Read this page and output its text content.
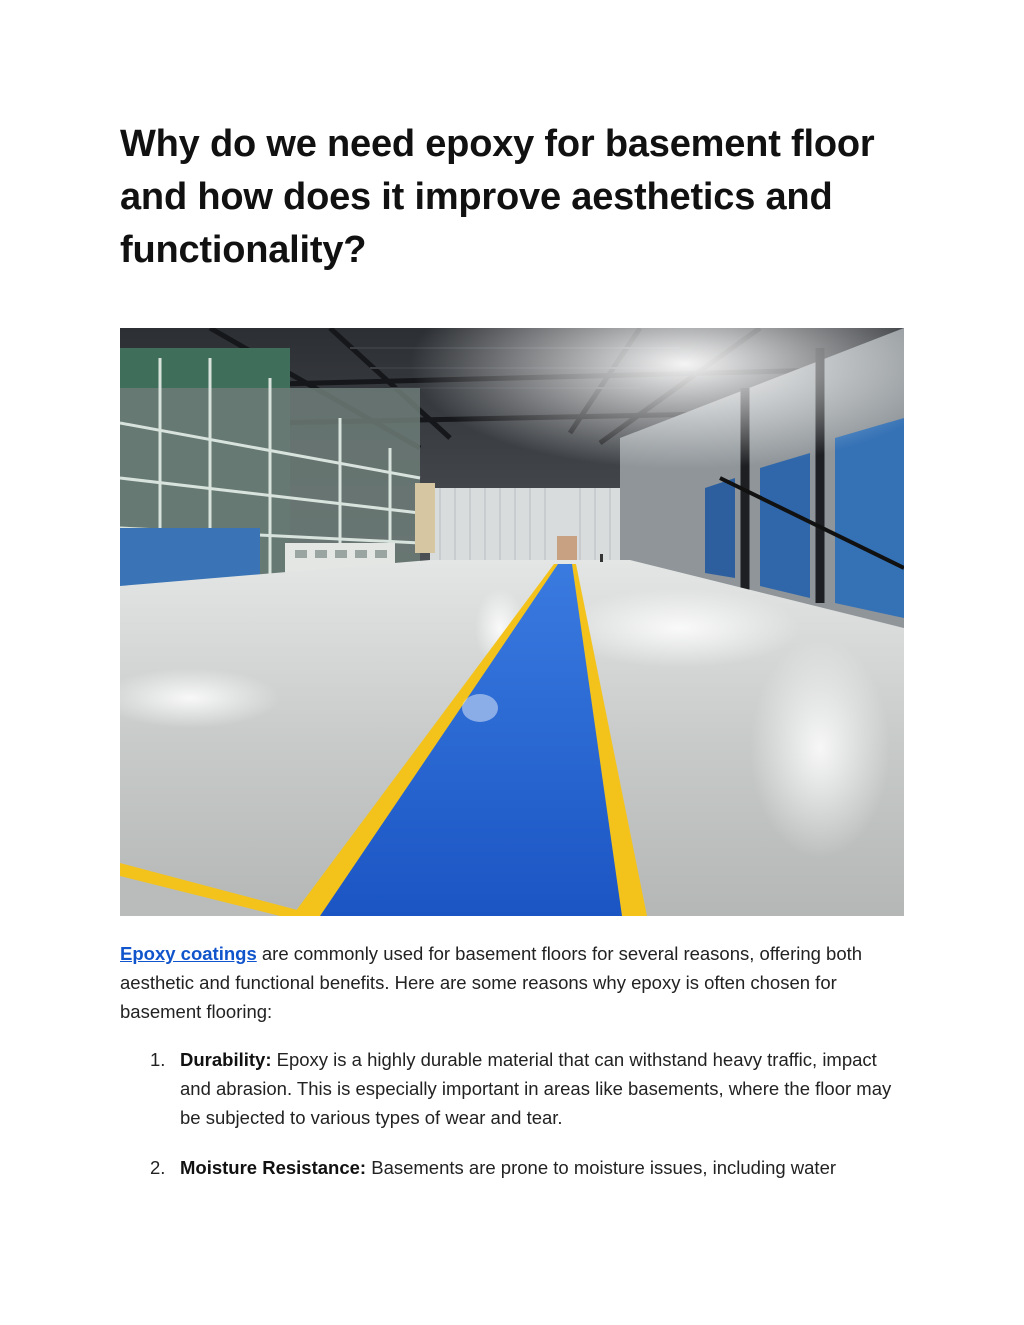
Why do we need epoxy for basement floor and how does it improve aesthetics and functionality?

Epoxy coatings are commonly used for basement floors for several reasons, offering both aesthetic and functional benefits. Here are some reasons why epoxy is often chosen for basement flooring:

1. Durability: Epoxy is a highly durable material that can withstand heavy traffic, impact and abrasion. This is especially important in areas like basements, where the floor may be subjected to various types of wear and tear.
2. Moisture Resistance: Basements are prone to moisture issues, including water
